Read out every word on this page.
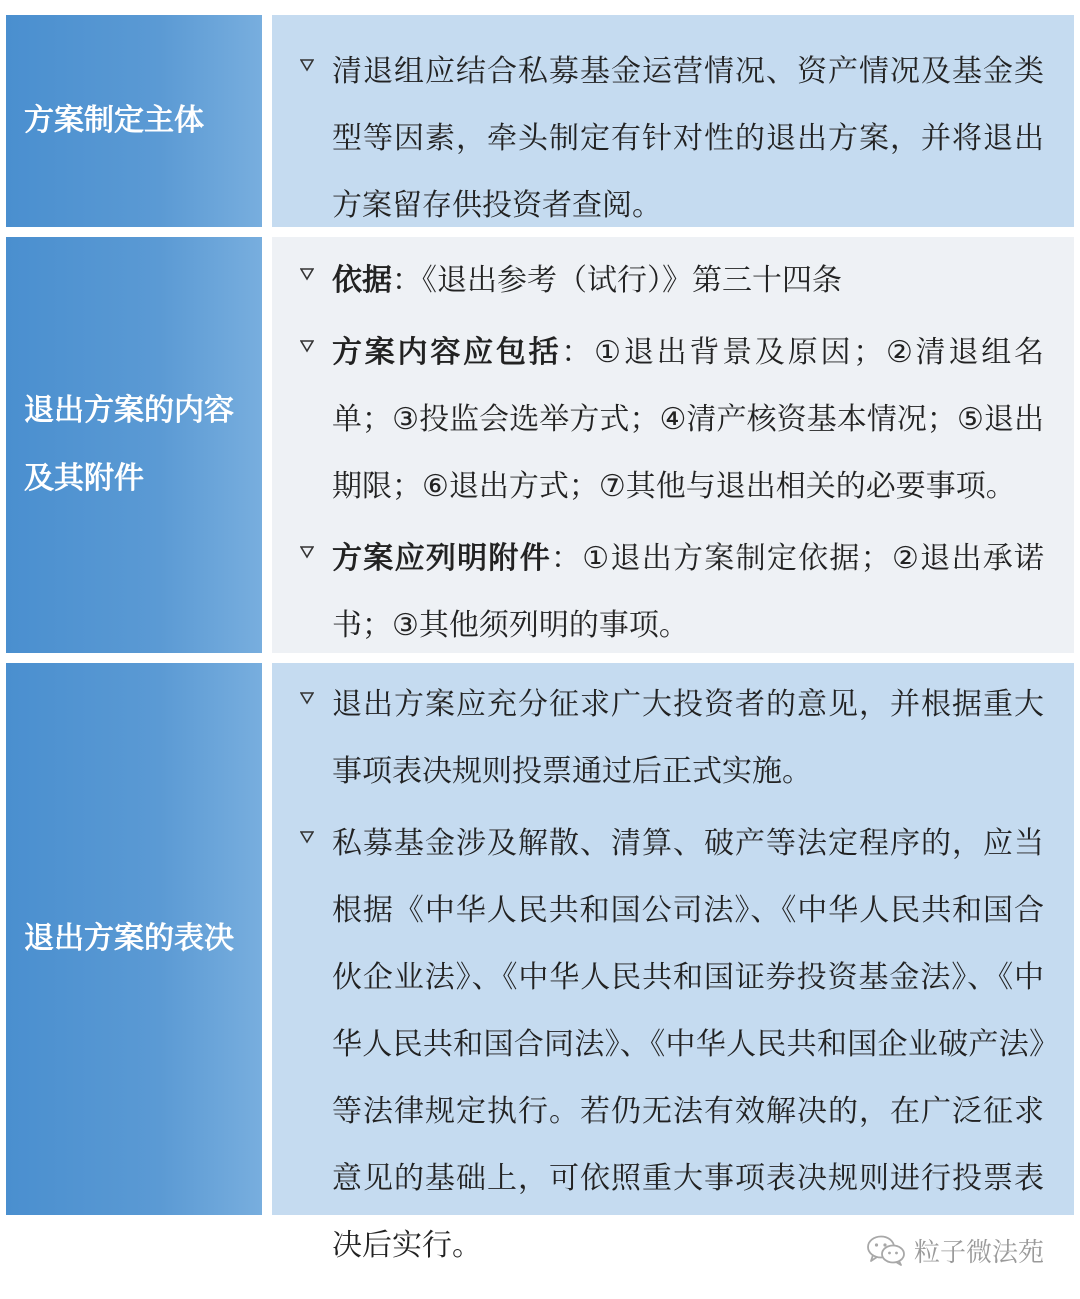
方案制定主体
清退组应结合私募基金运营情况、资产情况及基金类型等因素，牵头制定有针对性的退出方案，并将退出方案留存供投资者查阅。
退出方案的内容及其附件
依据：《退出参考（试行）》第三十四条
方案内容应包括：①退出背景及原因；②清退组名单；③投监会选举方式；④清产核资基本情况；⑤退出期限；⑥退出方式；⑦其他与退出相关的必要事项。
方案应列明附件：①退出方案制定依据；②退出承诺书；③其他须列明的事项。
退出方案的表决
退出方案应充分征求广大投资者的意见，并根据重大事项表决规则投票通过后正式实施。
私募基金涉及解散、清算、破产等法定程序的，应当根据《中华人民共和国公司法》、《中华人民共和国合伙企业法》、《中华人民共和国证券投资基金法》、《中华人民共和国合同法》、《中华人民共和国企业破产法》等法律规定执行。若仍无法有效解决的，在广泛征求意见的基础上，可依照重大事项表决规则进行投票表决后实行。	粒子微法苑
